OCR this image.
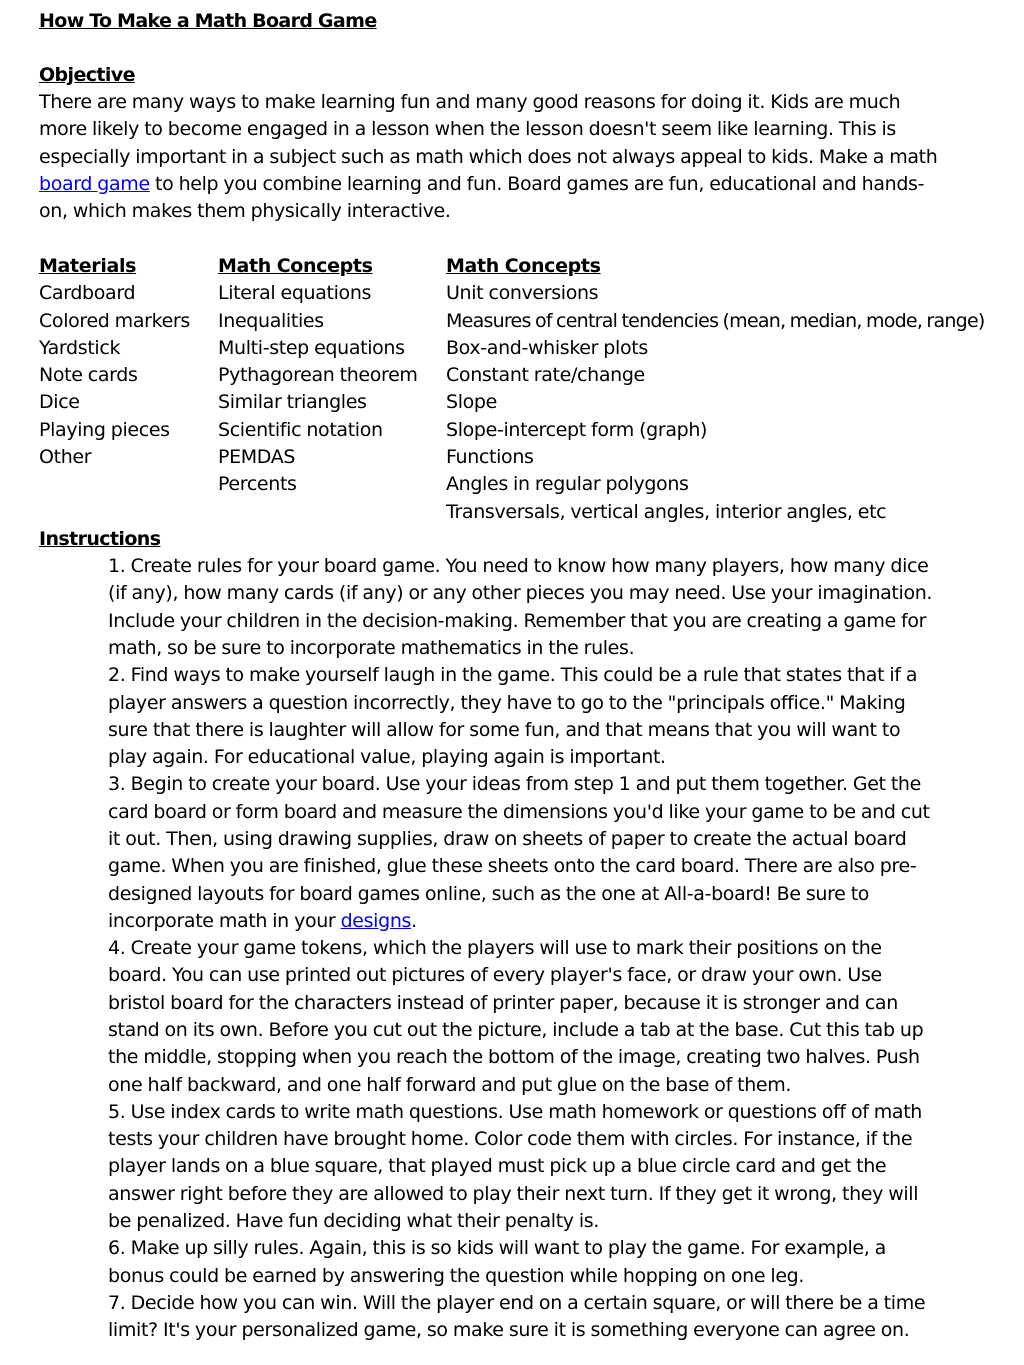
How To Make a Math Board Game

Objective

There are many ways to make learning fun and many good reasons for doing it. Kids are much

more likely to become engaged in a lesson when the lesson doesn't seem like learning. This is

especially important in a subject such as math which does not always appeal to kids. Make a math

board game to help you combine learning and fun. Board games are fun, educational and hands-

on, which makes them physically interactive.

Materials
Cardboard
Colored markers
Yardstick
Note cards
Dice
Playing pieces
Other
Math Concepts
Literal equations
Inequalities
Multi-step equations
Pythagorean theorem
Similar triangles
Scientific notation
PEMDAS
Percents
Math Concepts
Unit conversions
Measures of central tendencies (mean, median, mode, range)
Box-and-whisker plots
Constant rate/change
Slope
Slope-intercept form (graph)
Functions
Angles in regular polygons
Transversals, vertical angles, interior angles, etc

Instructions

1. Create rules for your board game. You need to know how many players, how many dice

(if any), how many cards (if any) or any other pieces you may need. Use your imagination.

Include your children in the decision-making. Remember that you are creating a game for

math, so be sure to incorporate mathematics in the rules.

2. Find ways to make yourself laugh in the game. This could be a rule that states that if a

player answers a question incorrectly, they have to go to the "principals office." Making

sure that there is laughter will allow for some fun, and that means that you will want to

play again. For educational value, playing again is important.

3. Begin to create your board. Use your ideas from step 1 and put them together. Get the

card board or form board and measure the dimensions you'd like your game to be and cut

it out. Then, using drawing supplies, draw on sheets of paper to create the actual board

game. When you are finished, glue these sheets onto the card board. There are also pre-

designed layouts for board games online, such as the one at All-a-board! Be sure to

incorporate math in your designs.

4. Create your game tokens, which the players will use to mark their positions on the

board. You can use printed out pictures of every player's face, or draw your own. Use

bristol board for the characters instead of printer paper, because it is stronger and can

stand on its own. Before you cut out the picture, include a tab at the base. Cut this tab up

the middle, stopping when you reach the bottom of the image, creating two halves. Push

one half backward, and one half forward and put glue on the base of them.

5. Use index cards to write math questions. Use math homework or questions off of math

tests your children have brought home. Color code them with circles. For instance, if the

player lands on a blue square, that played must pick up a blue circle card and get the

answer right before they are allowed to play their next turn. If they get it wrong, they will

be penalized. Have fun deciding what their penalty is.

6. Make up silly rules. Again, this is so kids will want to play the game. For example, a

bonus could be earned by answering the question while hopping on one leg.

7. Decide how you can win. Will the player end on a certain square, or will there be a time

limit? It's your personalized game, so make sure it is something everyone can agree on.
